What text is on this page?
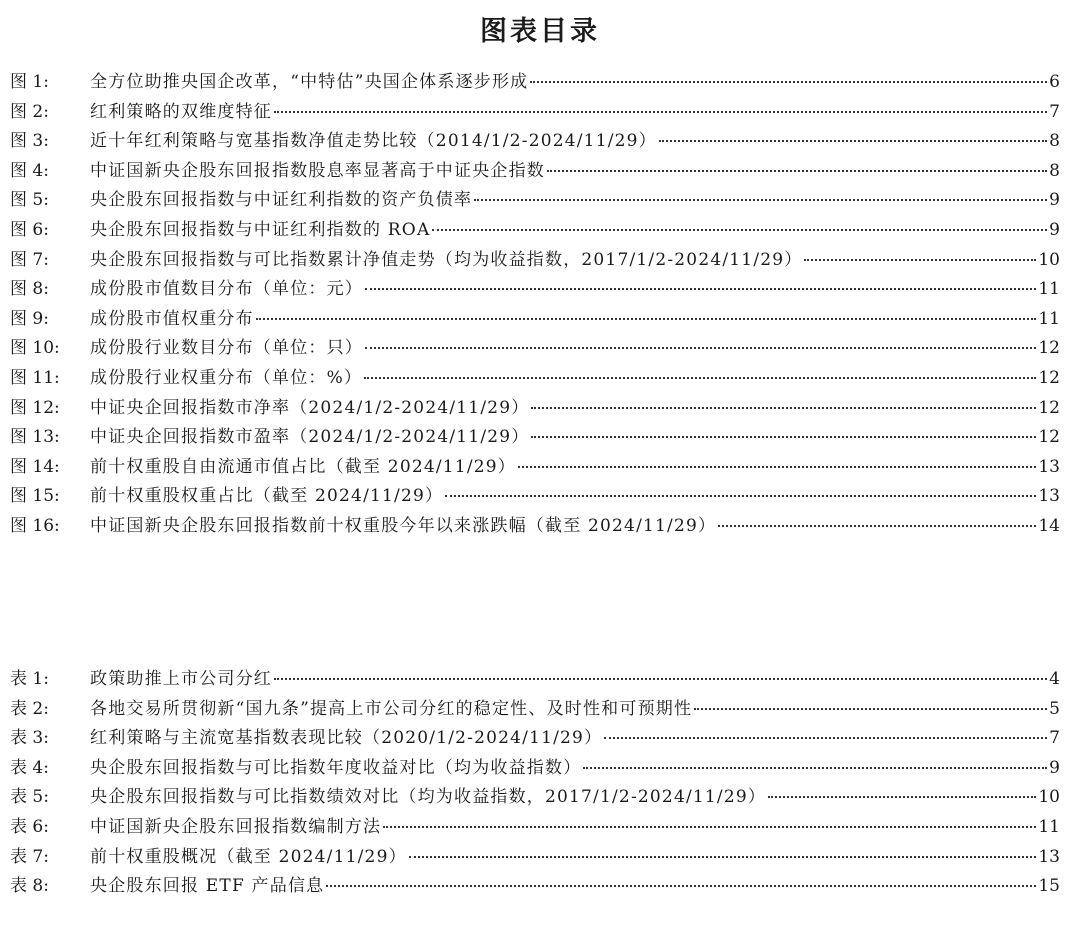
图表目录
图 1:	全方位助推央国企改革，“中特估”央国企体系逐步形成	6
图 2:	红利策略的双维度特征	7
图 3:	近十年红利策略与宽基指数净值走势比较（2014/1/2-2024/11/29）	8
图 4:	中证国新央企股东回报指数股息率显著高于中证央企指数	8
图 5:	央企股东回报指数与中证红利指数的资产负债率	9
图 6:	央企股东回报指数与中证红利指数的 ROA	9
图 7:	央企股东回报指数与可比指数累计净值走势（均为收益指数，2017/1/2-2024/11/29）	10
图 8:	成份股市值数目分布（单位：元）	11
图 9:	成份股市值权重分布	11
图 10:	成份股行业数目分布（单位：只）	12
图 11:	成份股行业权重分布（单位：%）	12
图 12:	中证央企回报指数市净率（2024/1/2-2024/11/29）	12
图 13:	中证央企回报指数市盈率（2024/1/2-2024/11/29）	12
图 14:	前十权重股自由流通市值占比（截至 2024/11/29）	13
图 15:	前十权重股权重占比（截至 2024/11/29）	13
图 16:	中证国新央企股东回报指数前十权重股今年以来涨跌幅（截至 2024/11/29）	14
表 1:	政策助推上市公司分红	4
表 2:	各地交易所贯彻新“国九条”提高上市公司分红的稳定性、及时性和可预期性	5
表 3:	红利策略与主流宽基指数表现比较（2020/1/2-2024/11/29）	7
表 4:	央企股东回报指数与可比指数年度收益对比（均为收益指数）	9
表 5:	央企股东回报指数与可比指数绩效对比（均为收益指数，2017/1/2-2024/11/29）	10
表 6:	中证国新央企股东回报指数编制方法	11
表 7:	前十权重股概况（截至 2024/11/29）	13
表 8:	央企股东回报 ETF 产品信息	15
